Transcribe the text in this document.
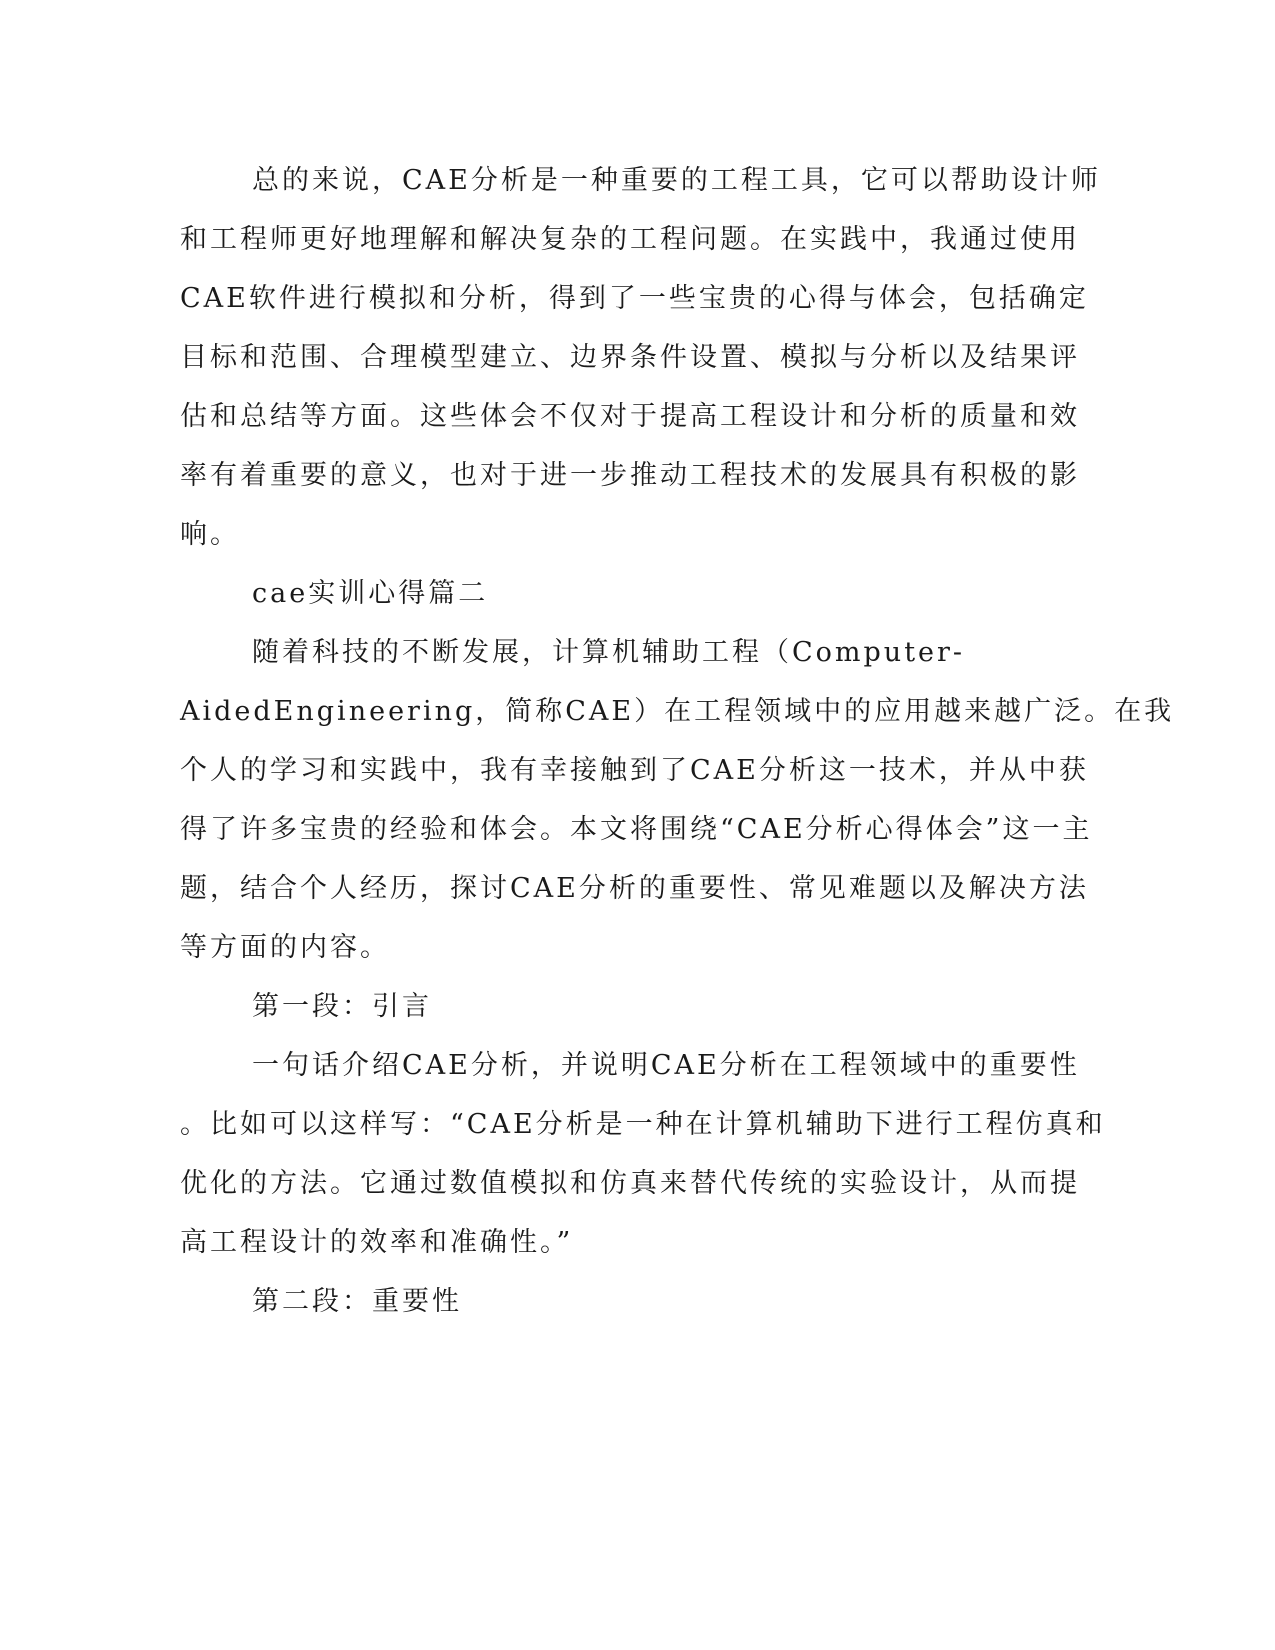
总的来说，CAE分析是一种重要的工程工具，它可以帮助设计师
和工程师更好地理解和解决复杂的工程问题。在实践中，我通过使用
CAE软件进行模拟和分析，得到了一些宝贵的心得与体会，包括确定
目标和范围、合理模型建立、边界条件设置、模拟与分析以及结果评
估和总结等方面。这些体会不仅对于提高工程设计和分析的质量和效
率有着重要的意义，也对于进一步推动工程技术的发展具有积极的影
响。
cae实训心得篇二
随着科技的不断发展，计算机辅助工程（Computer-
AidedEngineering，简称CAE）在工程领域中的应用越来越广泛。在我
个人的学习和实践中，我有幸接触到了CAE分析这一技术，并从中获
得了许多宝贵的经验和体会。本文将围绕“CAE分析心得体会”这一主
题，结合个人经历，探讨CAE分析的重要性、常见难题以及解决方法
等方面的内容。
第一段：引言
一句话介绍CAE分析，并说明CAE分析在工程领域中的重要性
。比如可以这样写：“CAE分析是一种在计算机辅助下进行工程仿真和
优化的方法。它通过数值模拟和仿真来替代传统的实验设计，从而提
高工程设计的效率和准确性。”
第二段：重要性
